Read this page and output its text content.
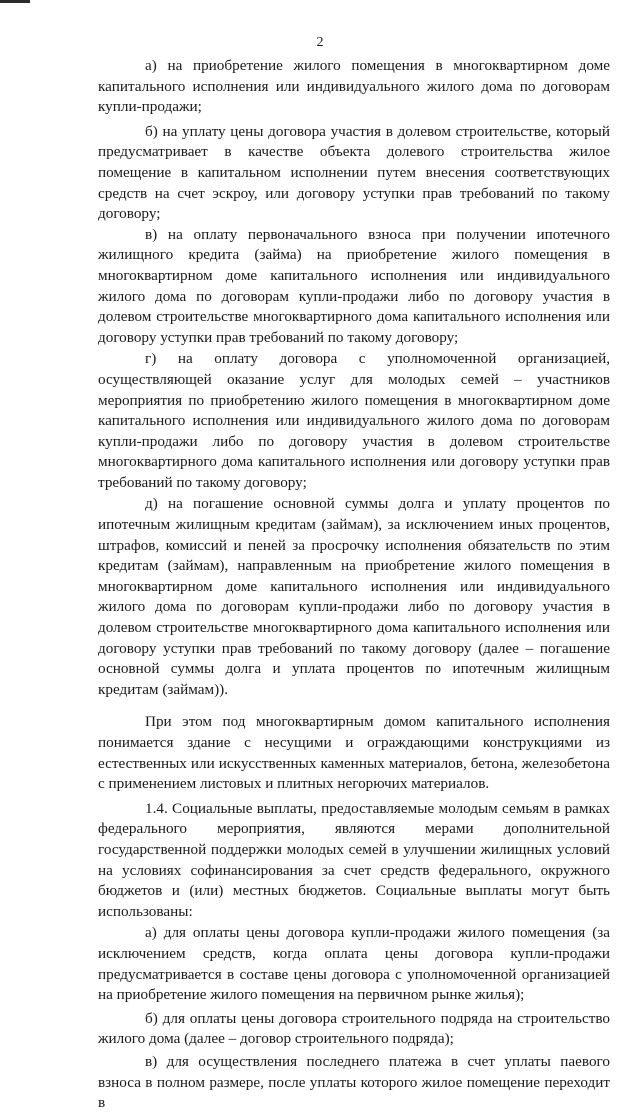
2

а) на приобретение жилого помещения в многоквартирном доме капитального исполнения или индивидуального жилого дома по договорам купли-продажи;

б) на уплату цены договора участия в долевом строительстве, который предусматривает в качестве объекта долевого строительства жилое помещение в капитальном исполнении путем внесения соответствующих средств на счет эскроу, или договору уступки прав требований по такому договору;

в) на оплату первоначального взноса при получении ипотечного жилищного кредита (займа) на приобретение жилого помещения в многоквартирном доме капитального исполнения или индивидуального жилого дома по договорам купли-продажи либо по договору участия в долевом строительстве многоквартирного дома капитального исполнения или договору уступки прав требований по такому договору;

г) на оплату договора с уполномоченной организацией, осуществляющей оказание услуг для молодых семей – участников мероприятия по приобретению жилого помещения в многоквартирном доме капитального исполнения или индивидуального жилого дома по договорам купли-продажи либо по договору участия в долевом строительстве многоквартирного дома капитального исполнения или договору уступки прав требований по такому договору;

д) на погашение основной суммы долга и уплату процентов по ипотечным жилищным кредитам (займам), за исключением иных процентов, штрафов, комиссий и пеней за просрочку исполнения обязательств по этим кредитам (займам), направленным на приобретение жилого помещения в многоквартирном доме капитального исполнения или индивидуального жилого дома по договорам купли-продажи либо по договору участия в долевом строительстве многоквартирного дома капитального исполнения или договору уступки прав требований по такому договору (далее – погашение основной суммы долга и уплата процентов по ипотечным жилищным кредитам (займам)).

При этом под многоквартирным домом капитального исполнения понимается здание с несущими и ограждающими конструкциями из естественных или искусственных каменных материалов, бетона, железобетона с применением листовых и плитных негорючих материалов.

1.4. Социальные выплаты, предоставляемые молодым семьям в рамках федерального мероприятия, являются мерами дополнительной государственной поддержки молодых семей в улучшении жилищных условий на условиях софинансирования за счет средств федерального, окружного бюджетов и (или) местных бюджетов. Социальные выплаты могут быть использованы:

а) для оплаты цены договора купли-продажи жилого помещения (за исключением средств, когда оплата цены договора купли-продажи предусматривается в составе цены договора с уполномоченной организацией на приобретение жилого помещения на первичном рынке жилья);

б) для оплаты цены договора строительного подряда на строительство жилого дома (далее – договор строительного подряда);

в) для осуществления последнего платежа в счет уплаты паевого взноса в полном размере, после уплаты которого жилое помещение переходит в
